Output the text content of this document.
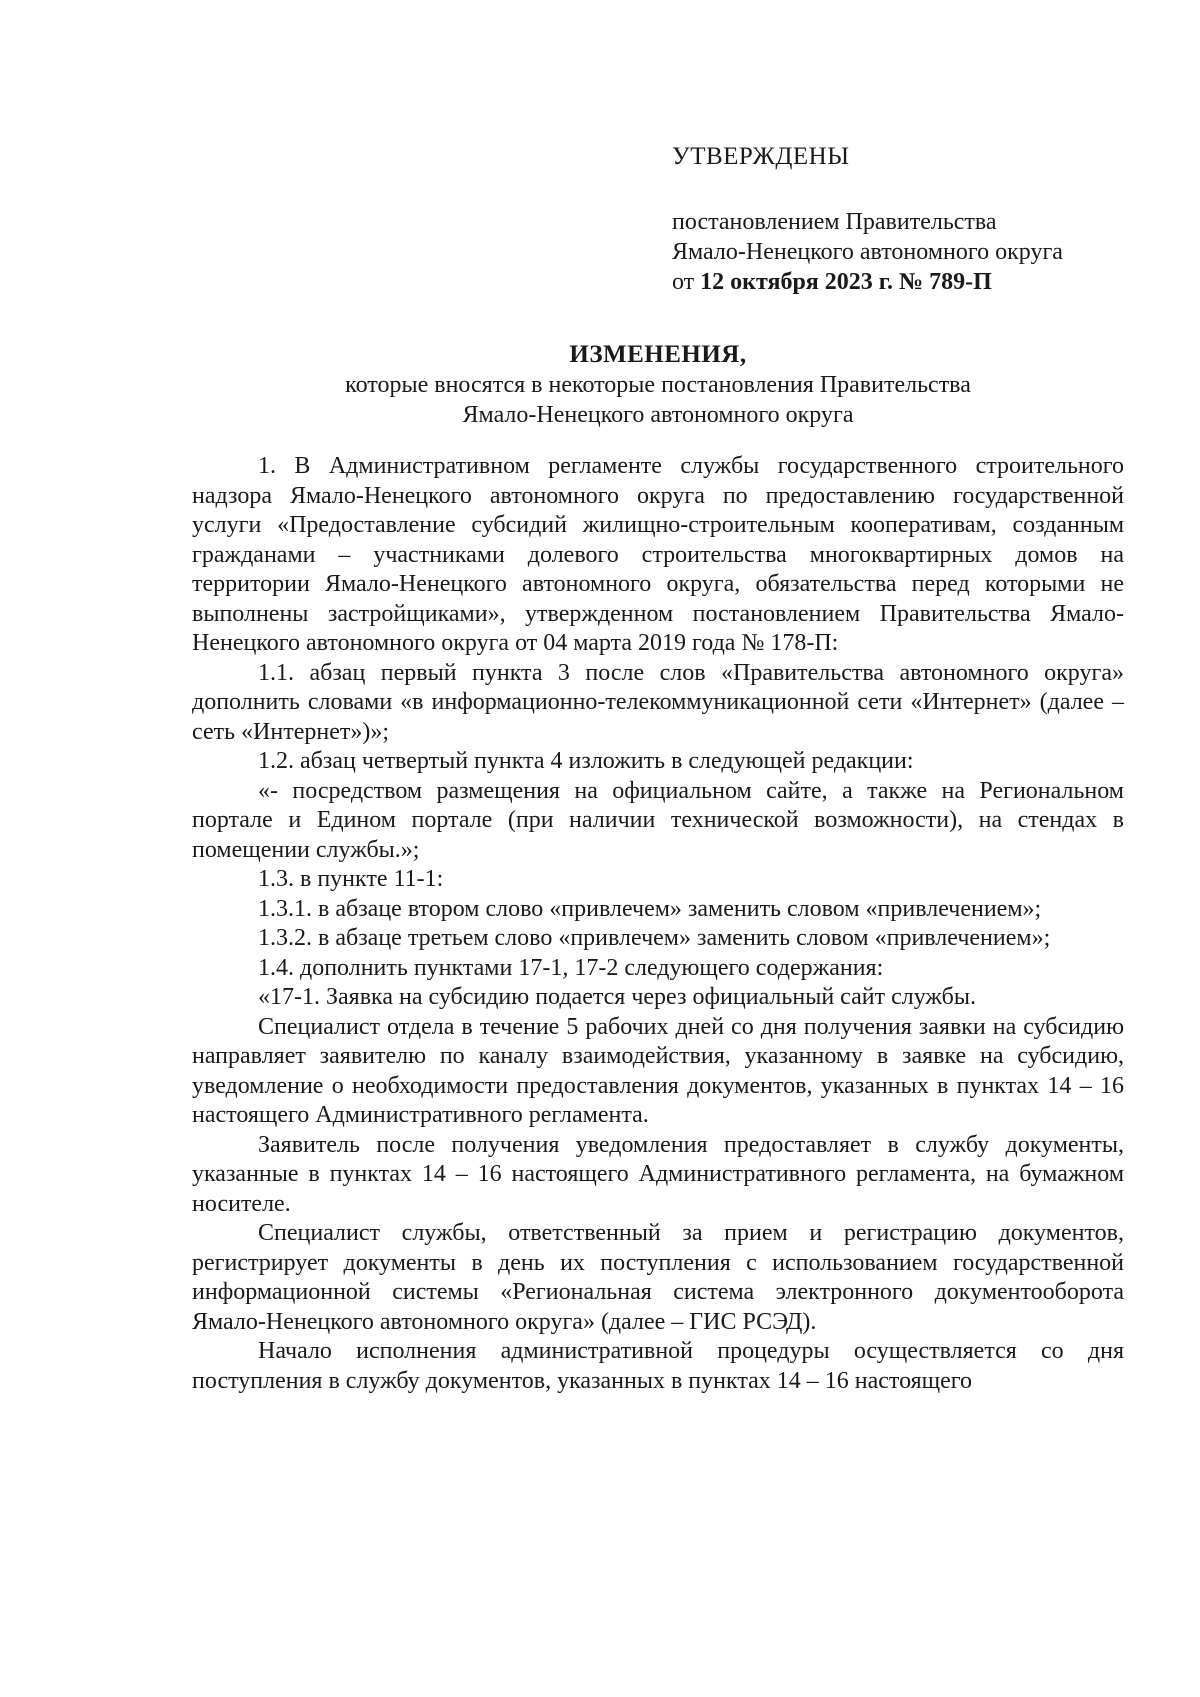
УТВЕРЖДЕНЫ
постановлением Правительства
Ямало-Ненецкого автономного округа
от 12 октября 2023 г. № 789-П
ИЗМЕНЕНИЯ,
которые вносятся в некоторые постановления Правительства
Ямало-Ненецкого автономного округа

1. В Административном регламенте службы государственного строительного надзора Ямало-Ненецкого автономного округа по предоставлению государственной услуги «Предоставление субсидий жилищно-строительным кооперативам, созданным гражданами – участниками долевого строительства многоквартирных домов на территории Ямало-Ненецкого автономного округа, обязательства перед которыми не выполнены застройщиками», утвержденном постановлением Правительства Ямало-Ненецкого автономного округа от 04 марта 2019 года № 178-П:

1.1. абзац первый пункта 3 после слов «Правительства автономного округа» дополнить словами «в информационно-телекоммуникационной сети «Интернет» (далее – сеть «Интернет»)»;

1.2. абзац четвертый пункта 4 изложить в следующей редакции:

«- посредством размещения на официальном сайте, а также на Региональном портале и Едином портале (при наличии технической возможности), на стендах в помещении службы.»;

1.3. в пункте 11-1:

1.3.1. в абзаце втором слово «привлечем» заменить словом «привлечением»;

1.3.2. в абзаце третьем слово «привлечем» заменить словом «привлечением»;

1.4. дополнить пунктами 17-1, 17-2 следующего содержания:

«17-1. Заявка на субсидию подается через официальный сайт службы.

Специалист отдела в течение 5 рабочих дней со дня получения заявки на субсидию направляет заявителю по каналу взаимодействия, указанному в заявке на субсидию, уведомление о необходимости предоставления документов, указанных в пунктах 14 – 16 настоящего Административного регламента.

Заявитель после получения уведомления предоставляет в службу документы, указанные в пунктах 14 – 16 настоящего Административного регламента, на бумажном носителе.

Специалист службы, ответственный за прием и регистрацию документов, регистрирует документы в день их поступления с использованием государственной информационной системы «Региональная система электронного документооборота Ямало-Ненецкого автономного округа» (далее – ГИС РСЭД).

Начало исполнения административной процедуры осуществляется со дня поступления в службу документов, указанных в пунктах 14 – 16 настоящего
